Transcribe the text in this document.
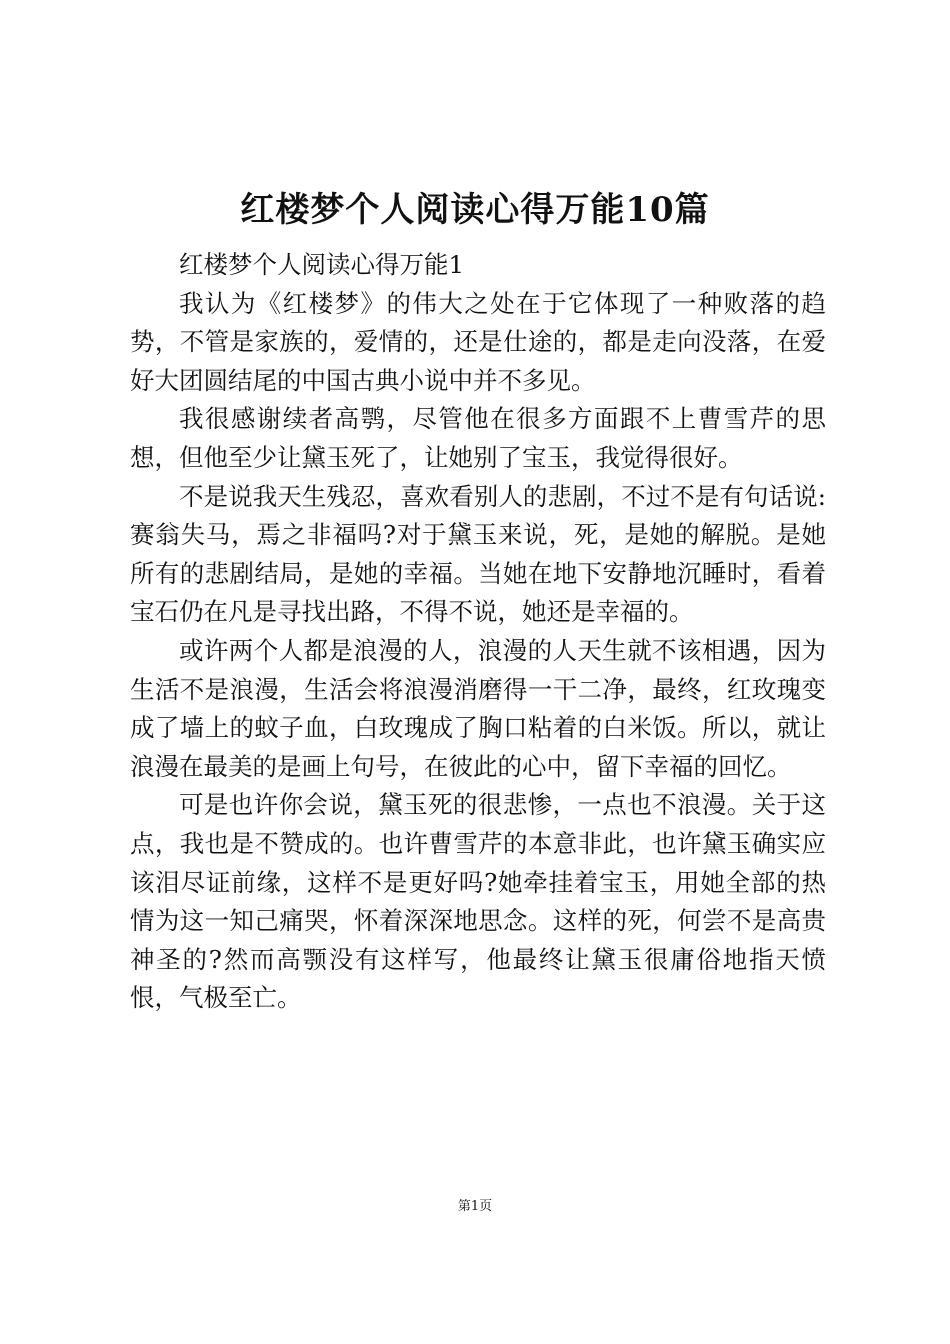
红楼梦个人阅读心得万能10篇

红楼梦个人阅读心得万能1

我认为《红楼梦》的伟大之处在于它体现了一种败落的趋势，不管是家族的，爱情的，还是仕途的，都是走向没落，在爱好大团圆结尾的中国古典小说中并不多见。

我很感谢续者高鹗，尽管他在很多方面跟不上曹雪芹的思想，但他至少让黛玉死了，让她别了宝玉，我觉得很好。

不是说我天生残忍，喜欢看别人的悲剧，不过不是有句话说:赛翁失马，焉之非福吗?对于黛玉来说，死，是她的解脱。是她所有的悲剧结局，是她的幸福。当她在地下安静地沉睡时，看着宝石仍在凡是寻找出路，不得不说，她还是幸福的。

或许两个人都是浪漫的人，浪漫的人天生就不该相遇，因为生活不是浪漫，生活会将浪漫消磨得一干二净，最终，红玫瑰变成了墙上的蚊子血，白玫瑰成了胸口粘着的白米饭。所以，就让浪漫在最美的是画上句号，在彼此的心中，留下幸福的回忆。

可是也许你会说，黛玉死的很悲惨，一点也不浪漫。关于这点，我也是不赞成的。也许曹雪芹的本意非此，也许黛玉确实应该泪尽证前缘，这样不是更好吗?她牵挂着宝玉，用她全部的热情为这一知己痛哭，怀着深深地思念。这样的死，何尝不是高贵神圣的?然而高颚没有这样写，他最终让黛玉很庸俗地指天愤恨，气极至亡。

第1页
